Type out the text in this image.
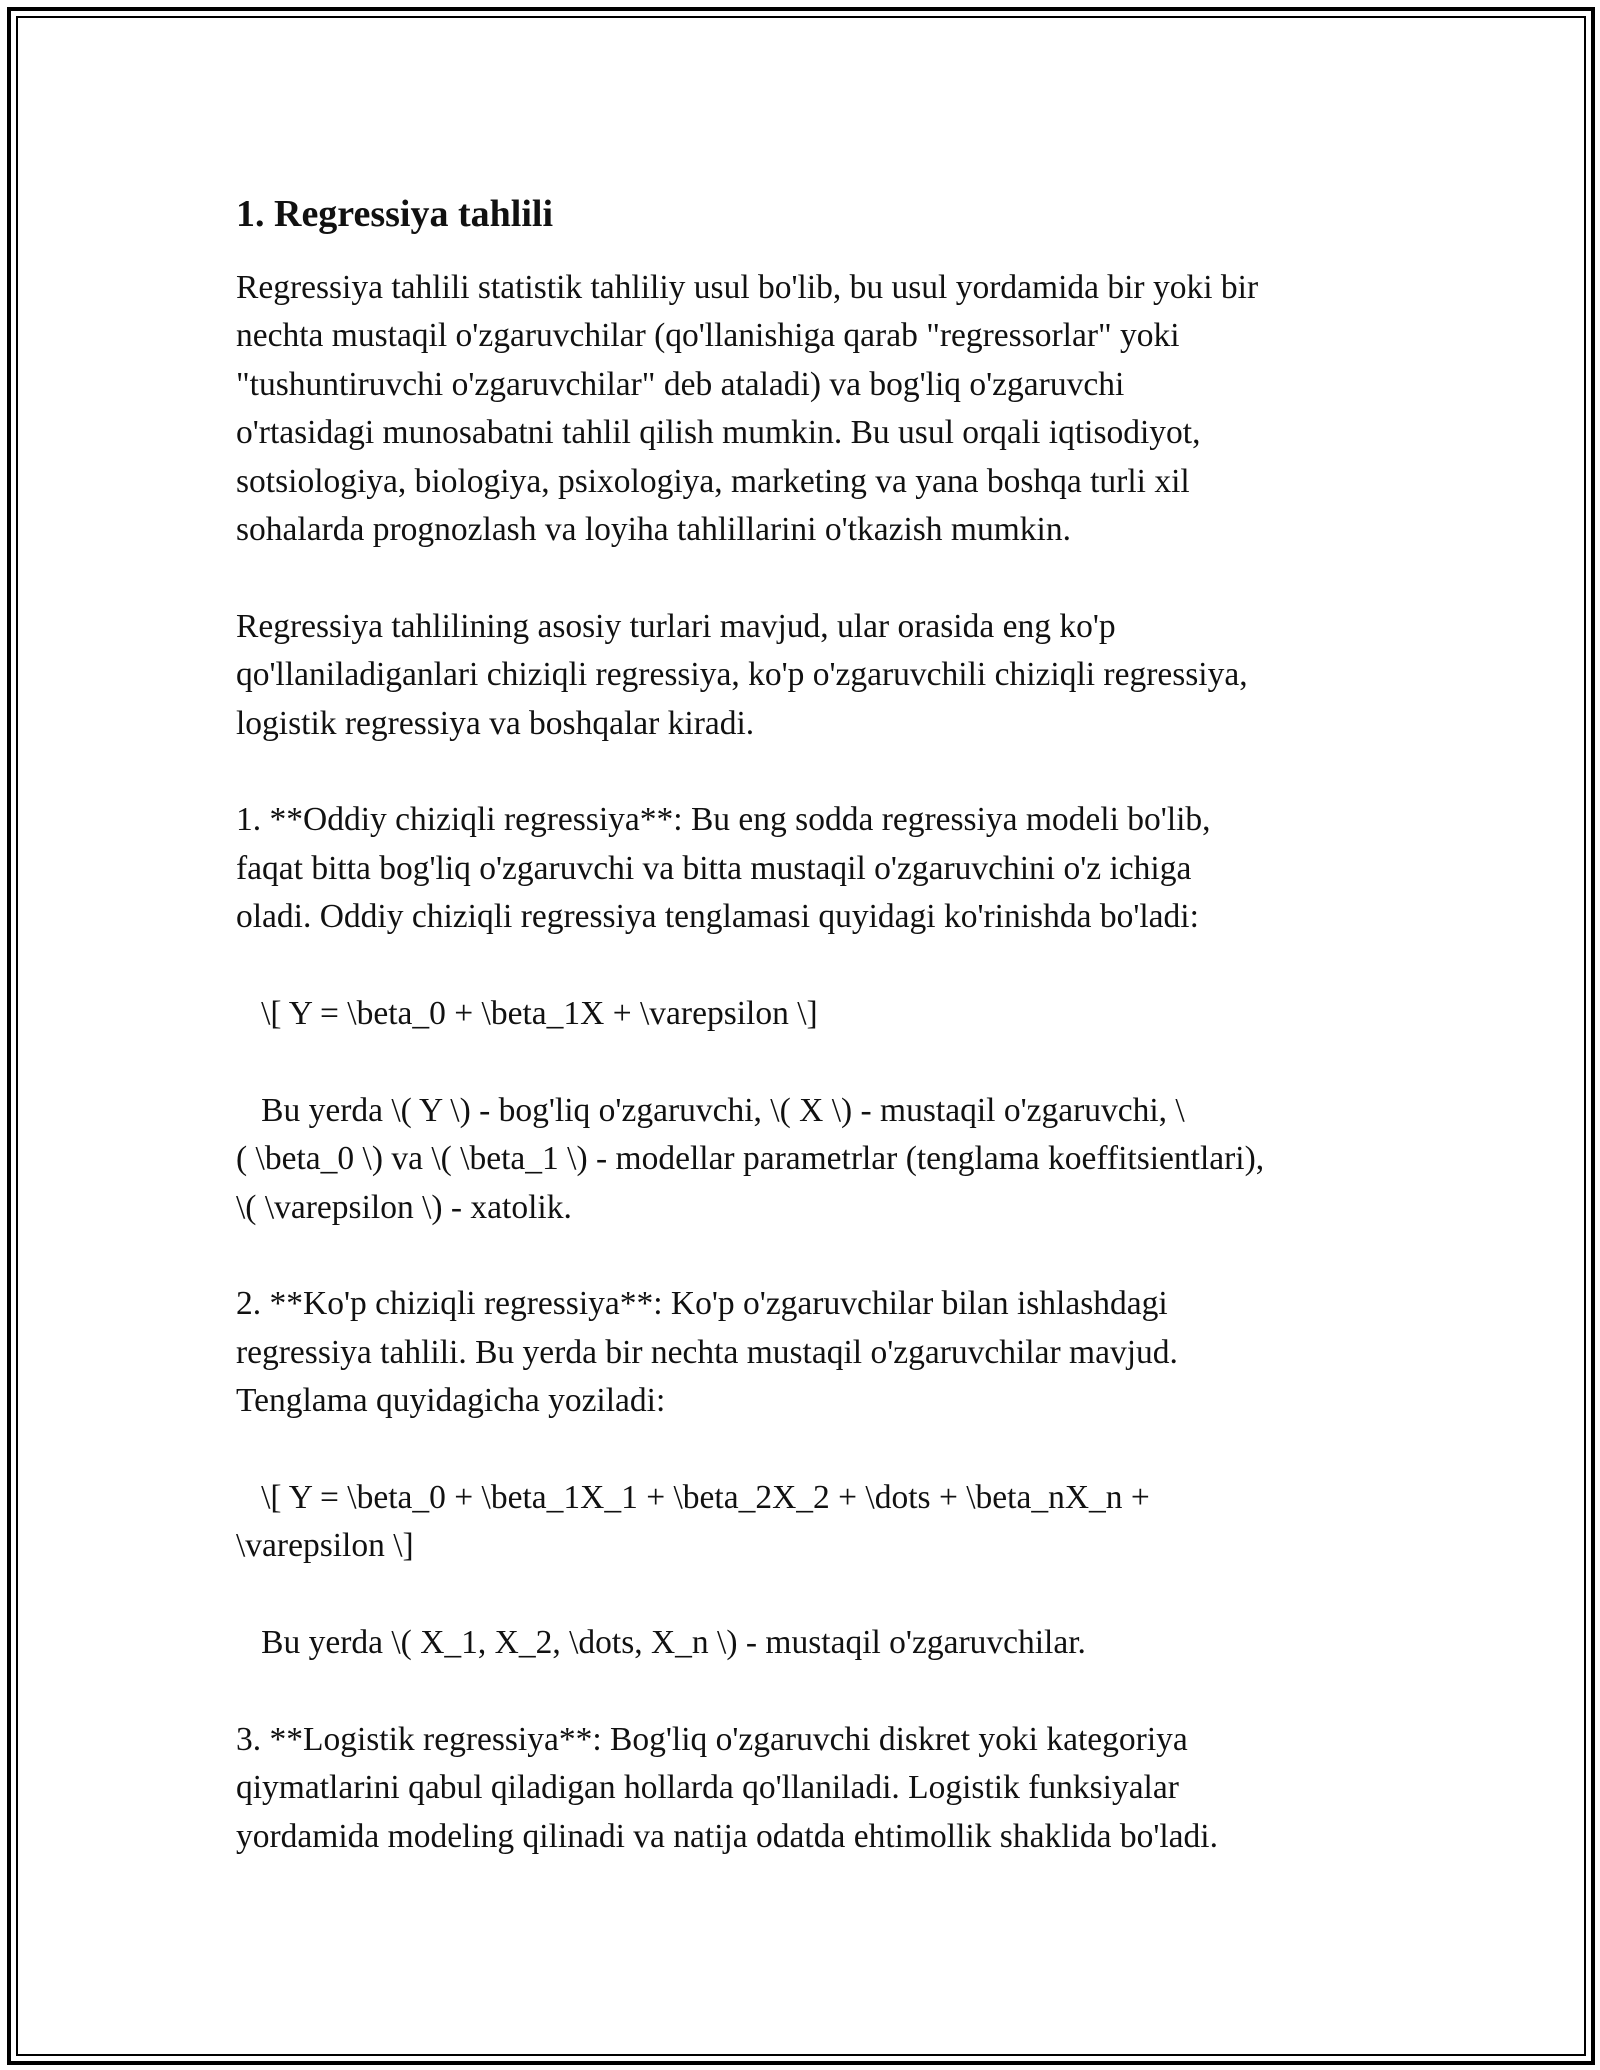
1. Regressiya tahlili
Regressiya tahlili statistik tahliliy usul bo'lib, bu usul yordamida bir yoki bir
nechta mustaqil o'zgaruvchilar (qo'llanishiga qarab "regressorlar" yoki
"tushuntiruvchi o'zgaruvchilar" deb ataladi) va bog'liq o'zgaruvchi
o'rtasidagi munosabatni tahlil qilish mumkin. Bu usul orqali iqtisodiyot,
sotsiologiya, biologiya, psixologiya, marketing va yana boshqa turli xil
sohalarda prognozlash va loyiha tahlillarini o'tkazish mumkin.
Regressiya tahlilining asosiy turlari mavjud, ular orasida eng ko'p
qo'llaniladiganlari chiziqli regressiya, ko'p o'zgaruvchili chiziqli regressiya,
logistik regressiya va boshqalar kiradi.
1. **Oddiy chiziqli regressiya**: Bu eng sodda regressiya modeli bo'lib,
faqat bitta bog'liq o'zgaruvchi va bitta mustaqil o'zgaruvchini o'z ichiga
oladi. Oddiy chiziqli regressiya tenglamasi quyidagi ko'rinishda bo'ladi:
\[ Y = \beta_0 + \beta_1X + \varepsilon \]
Bu yerda \( Y \) - bog'liq o'zgaruvchi, \( X \) - mustaqil o'zgaruvchi, \
( \beta_0 \) va \( \beta_1 \) - modellar parametrlar (tenglama koeffitsientlari),
\( \varepsilon \) - xatolik.
2. **Ko'p chiziqli regressiya**: Ko'p o'zgaruvchilar bilan ishlashdagi
regressiya tahlili. Bu yerda bir nechta mustaqil o'zgaruvchilar mavjud.
Tenglama quyidagicha yoziladi:
\[ Y = \beta_0 + \beta_1X_1 + \beta_2X_2 + \dots + \beta_nX_n +
\varepsilon \]
Bu yerda \( X_1, X_2, \dots, X_n \) - mustaqil o'zgaruvchilar.
3. **Logistik regressiya**: Bog'liq o'zgaruvchi diskret yoki kategoriya
qiymatlarini qabul qiladigan hollarda qo'llaniladi. Logistik funksiyalar
yordamida modeling qilinadi va natija odatda ehtimollik shaklida bo'ladi.
